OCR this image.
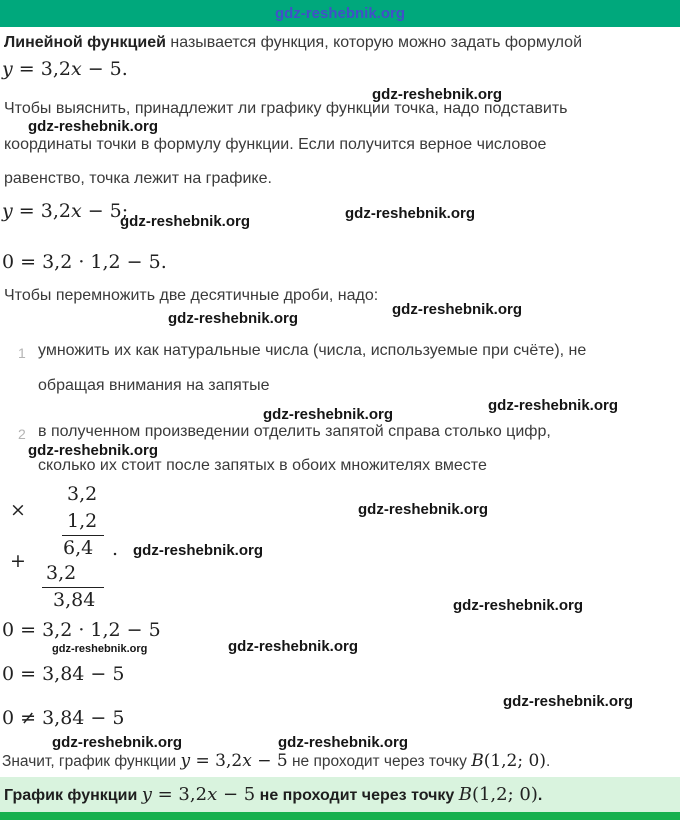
gdz-reshebnik.org
Линейной функцией называется функция, которую можно задать формулой
y = 3,2x − 5.
Чтобы выяснить, принадлежит ли графику функции точка, надо подставить
координаты точки в формулу функции. Если получится верное числовое
равенство, точка лежит на графике.
y = 3,2x − 5;
0 = 3,2 · 1,2 − 5.
Чтобы перемножить две десятичные дроби, надо:
1 умножить их как натуральные числа (числа, используемые при счёте), не
обращая внимания на запятые
2 в полученном произведении отделить запятой справа столько цифр,
сколько их стоит после запятых в обоих множителях вместе
×
3,2
1,2
6,4 .
+
3,2
3,84
0 = 3,2 · 1,2 − 5
0 = 3,84 − 5
0 ≠ 3,84 − 5
Значит, график функции y = 3,2x − 5 не проходит через точку B(1,2; 0).
График функции y = 3,2x − 5 не проходит через точку B(1,2; 0).
gdz-reshebnik.org
gdz-reshebnik.org
gdz-reshebnik.org	gdz-reshebnik.org
gdz-reshebnik.org
gdz-reshebnik.org
gdz-reshebnik.org
gdz-reshebnik.org
gdz-reshebnik.org
gdz-reshebnik.org
gdz-reshebnik.org
gdz-reshebnik.org
gdz-reshebnik.org	gdz-reshebnik.org
gdz-reshebnik.org
gdz-reshebnik.org	gdz-reshebnik.org
